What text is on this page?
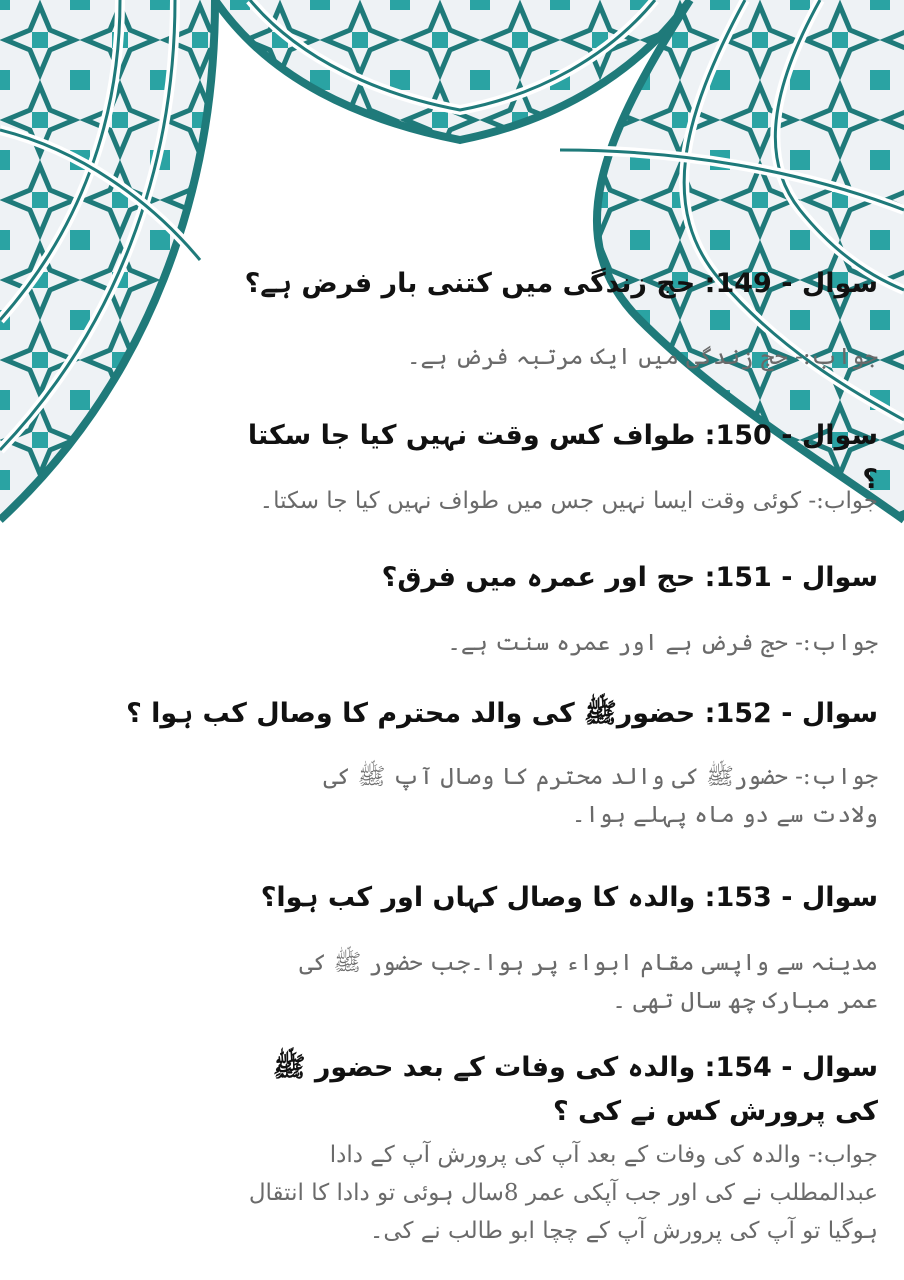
سوال - 149: حج زندگی میں کتنی بار فرض ہے؟

جواب:- حج زندگی میں ایک مرتبہ فرض ہے۔

سوال - 150: طواف کس وقت نہیں کیا جا سکتا ؟

جواب:- کوئی وقت ایسا نہیں جس میں طواف نہیں کیا جا سکتا۔

سوال - 151: حج اور عمرہ میں فرق؟

جواب:- حج فرض ہے اور عمرہ سنت ہے۔

سوال - 152: حضورﷺ کی والد محترم کا وصال کب ہوا ؟

جواب:- حضورﷺ کی والد محترم کا وصال آپ ﷺ کی ولادت سے دو ماہ پہلے ہوا۔

سوال - 153: والدہ کا وصال کہاں اور کب ہوا؟

مدینہ سے واپسی مقام ابواء پر ہوا۔جب حضور ﷺ کی عمر مبارک چھ سال تھی ۔

سوال - 154: والدہ کی وفات کے بعد حضور ﷺ کی پرورش کس نے کی ؟

جواب:- والدہ کی وفات کے بعد آپ کی پرورش آپ کے دادا عبدالمطلب نے کی اور جب آپکی عمر 8سال ہوئی تو دادا کا انتقال ہوگیا تو آپ کی پرورش آپ کے چچا ابو طالب نے کی۔
